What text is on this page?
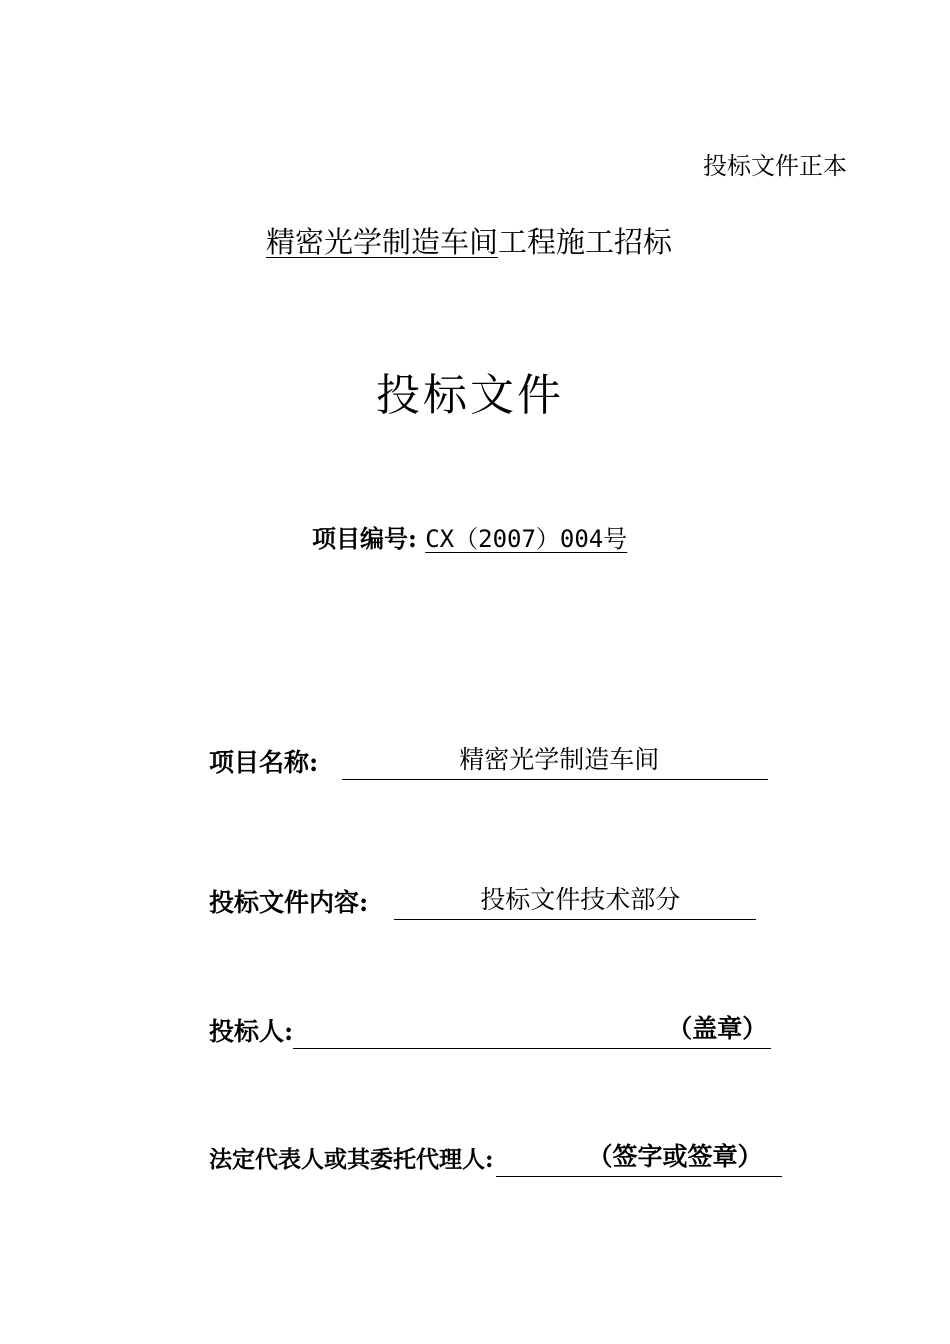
投标文件正本
精密光学制造车间工程施工招标
投标文件
项目编号: CX（2007）004号
项目名称:	精密光学制造车间
投标文件内容:	投标文件技术部分
投标人:	（盖章）
法定代表人或其委托代理人:	（签字或签章）
